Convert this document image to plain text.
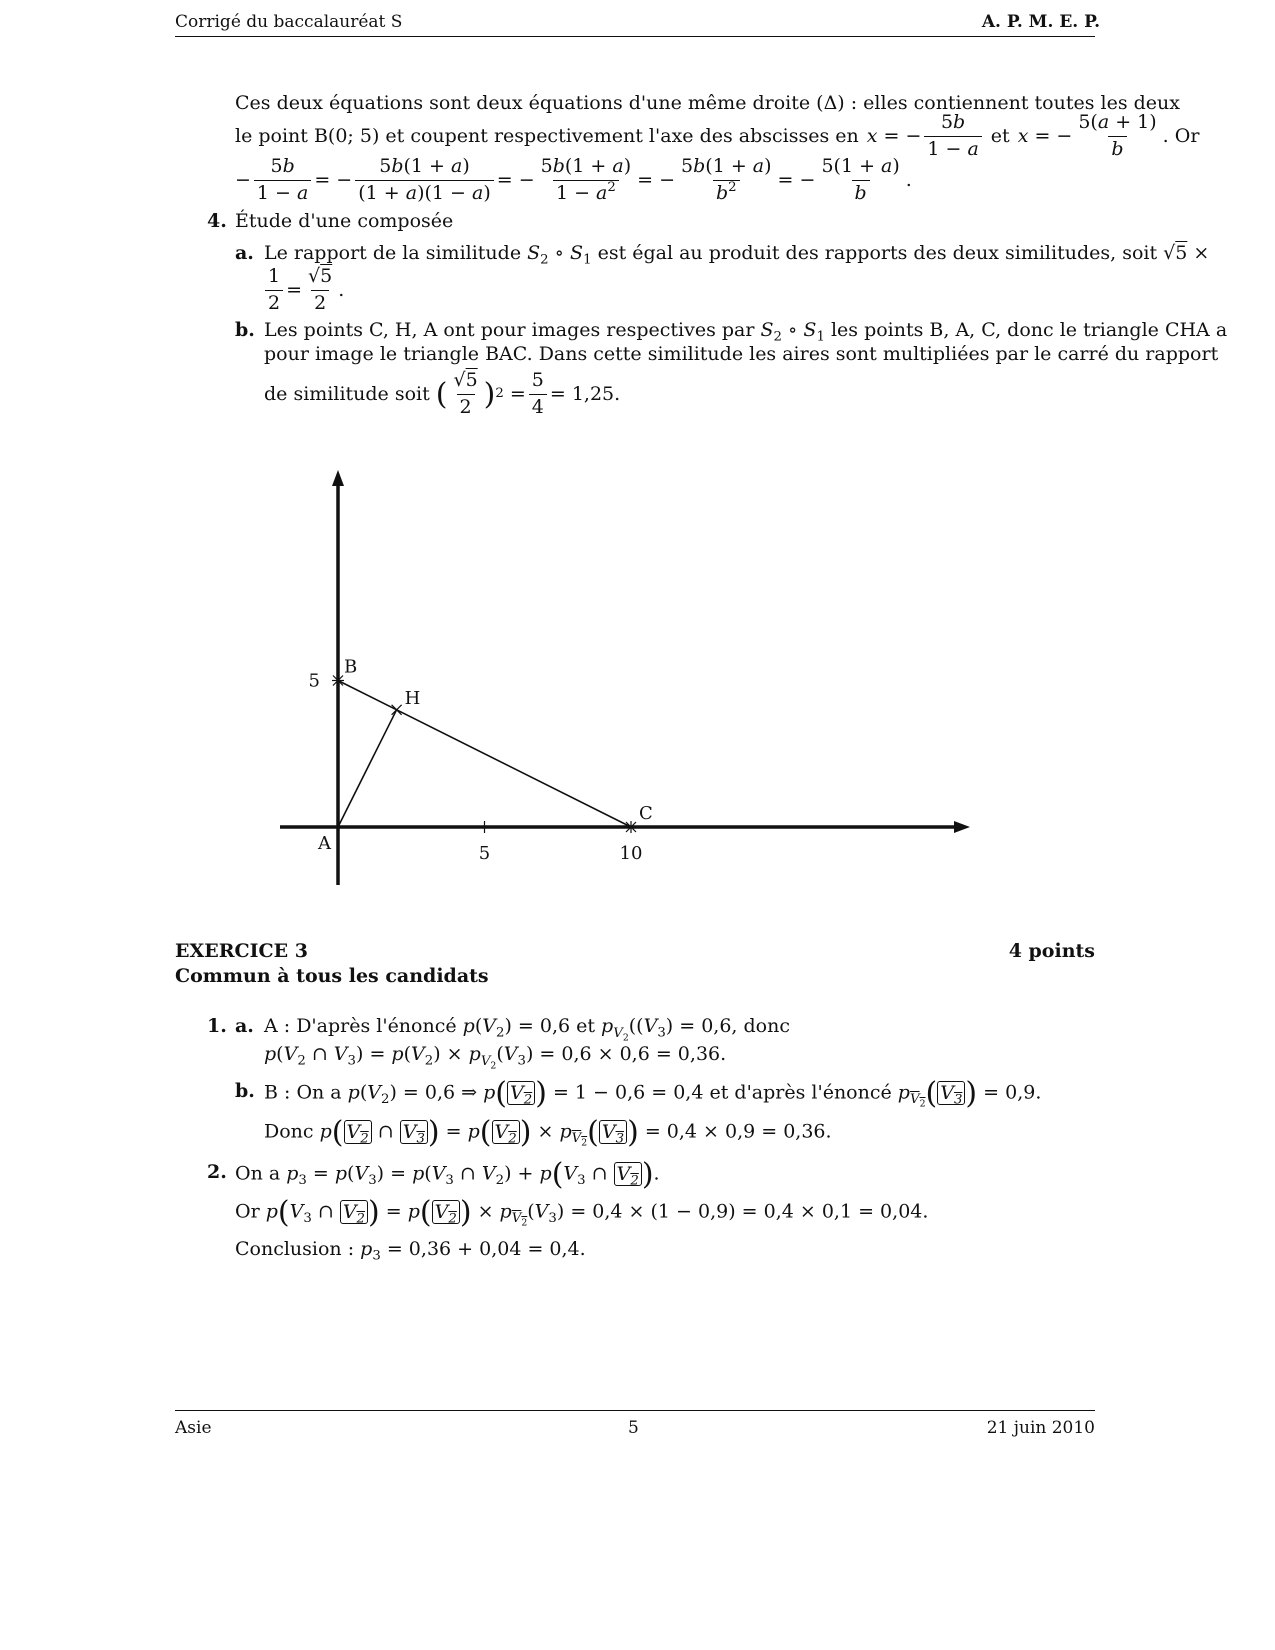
Corrigé du baccalauréat S	A. P. M. E. P.
Ces deux équations sont deux équations d'une même droite (Δ) : elles contiennent toutes les deux
le point B(0; 5) et coupent respectivement l'axe des abscisses en x = − $\frac{5b}{1 - a}$ et x = − $\frac{5(a + 1)}{b}$ . Or
− $\frac{5b}{1 - a}$ = − $\frac{5b(1 + a)}{(1 + a)(1 - a)}$ = − $\frac{5b(1 + a)}{1 - a^2}$ = − $\frac{5b(1 + a)}{b^2}$ = − $\frac{5(1 + a)}{b}$ .
4. Étude d'une composée
a. Le rapport de la similitude $S_2$ ∘ $S_1$ est égal au produit des rapports des deux similitudes, soit √5 ×
$\frac{1}{2} = \frac{√5}{2}$ .
b. Les points C, H, A ont pour images respectives par $S_2$ ∘ $S_1$ les points B, A, C, donc le triangle CHA a
pour image le triangle BAC. Dans cette similitude les aires sont multipliées par le carré du rapport
de similitude soit ( $\frac{√5}{2}$ ) $2 = \frac{5}{4} = 1,25$.
5	10
5
A
B
C
H
EXERCICE 3	4 points
Commun à tous les candidats
1. a. A : D'après l'énoncé $p(V_2) = 0,6$ et $p_{V_2}((V_3) = 0,6$, donc
$p(V_2$ ∩ $V_3) = p(V_2) \times p_{V_2}(V_3) = 0,6 \times 0,6 = 0,36$.
b. B : On a $p(V_2) = 0,6$ ⇒ p( $V_2$ ) = 1 − 0,6 = 0,4 et d'après l'énoncé $p_{V_2}$( $V_3$ ) = 0,9.
Donc p( $V_2$ ∩ $V_3$ ) = p( $V_2$ ) × $p_{V_2}$( $V_3$ ) = 0,4 × 0,9 = 0,36.
2. On a $p_3 = p(V_3) = p(V_3$ ∩ $V_2) + p(V_3$ ∩ $V_2$ ).
Or $p(V_3$ ∩ $V_2$ ) = p( $V_2$ ) × $p_{V_2}(V_3) = 0,4 \times (1 - 0,9) = 0,4 \times 0,1 = 0,04$.
Conclusion : $p_3 = 0,36 + 0,04 = 0,4$.
Asie	5	21 juin 2010
